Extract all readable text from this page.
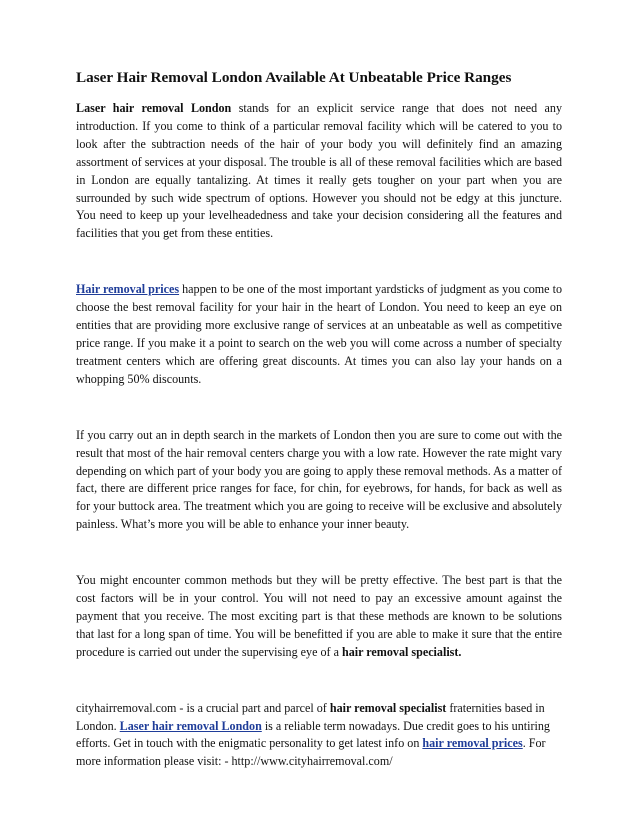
Laser Hair Removal London Available At Unbeatable Price Ranges

Laser hair removal London stands for an explicit service range that does not need any introduction. If you come to think of a particular removal facility which will be catered to you to look after the subtraction needs of the hair of your body you will definitely find an amazing assortment of services at your disposal. The trouble is all of these removal facilities which are based in London are equally tantalizing. At times it really gets tougher on your part when you are surrounded by such wide spectrum of options. However you should not be edgy at this juncture. You need to keep up your levelheadedness and take your decision considering all the features and facilities that you get from these entities.

Hair removal prices happen to be one of the most important yardsticks of judgment as you come to choose the best removal facility for your hair in the heart of London. You need to keep an eye on entities that are providing more exclusive range of services at an unbeatable as well as competitive price range. If you make it a point to search on the web you will come across a number of specialty treatment centers which are offering great discounts. At times you can also lay your hands on a whopping 50% discounts.

If you carry out an in depth search in the markets of London then you are sure to come out with the result that most of the hair removal centers charge you with a low rate. However the rate might vary depending on which part of your body you are going to apply these removal methods. As a matter of fact, there are different price ranges for face, for chin, for eyebrows, for hands, for back as well as for your buttock area. The treatment which you are going to receive will be exclusive and absolutely painless. What’s more you will be able to enhance your inner beauty.

You might encounter common methods but they will be pretty effective. The best part is that the cost factors will be in your control. You will not need to pay an excessive amount against the payment that you receive. The most exciting part is that these methods are known to be solutions that last for a long span of time. You will be benefitted if you are able to make it sure that the entire procedure is carried out under the supervising eye of a hair removal specialist.

cityhairremoval.com - is a crucial part and parcel of hair removal specialist fraternities based in London. Laser hair removal London is a reliable term nowadays. Due credit goes to his untiring efforts. Get in touch with the enigmatic personality to get latest info on hair removal prices. For more information please visit: - http://www.cityhairremoval.com/
